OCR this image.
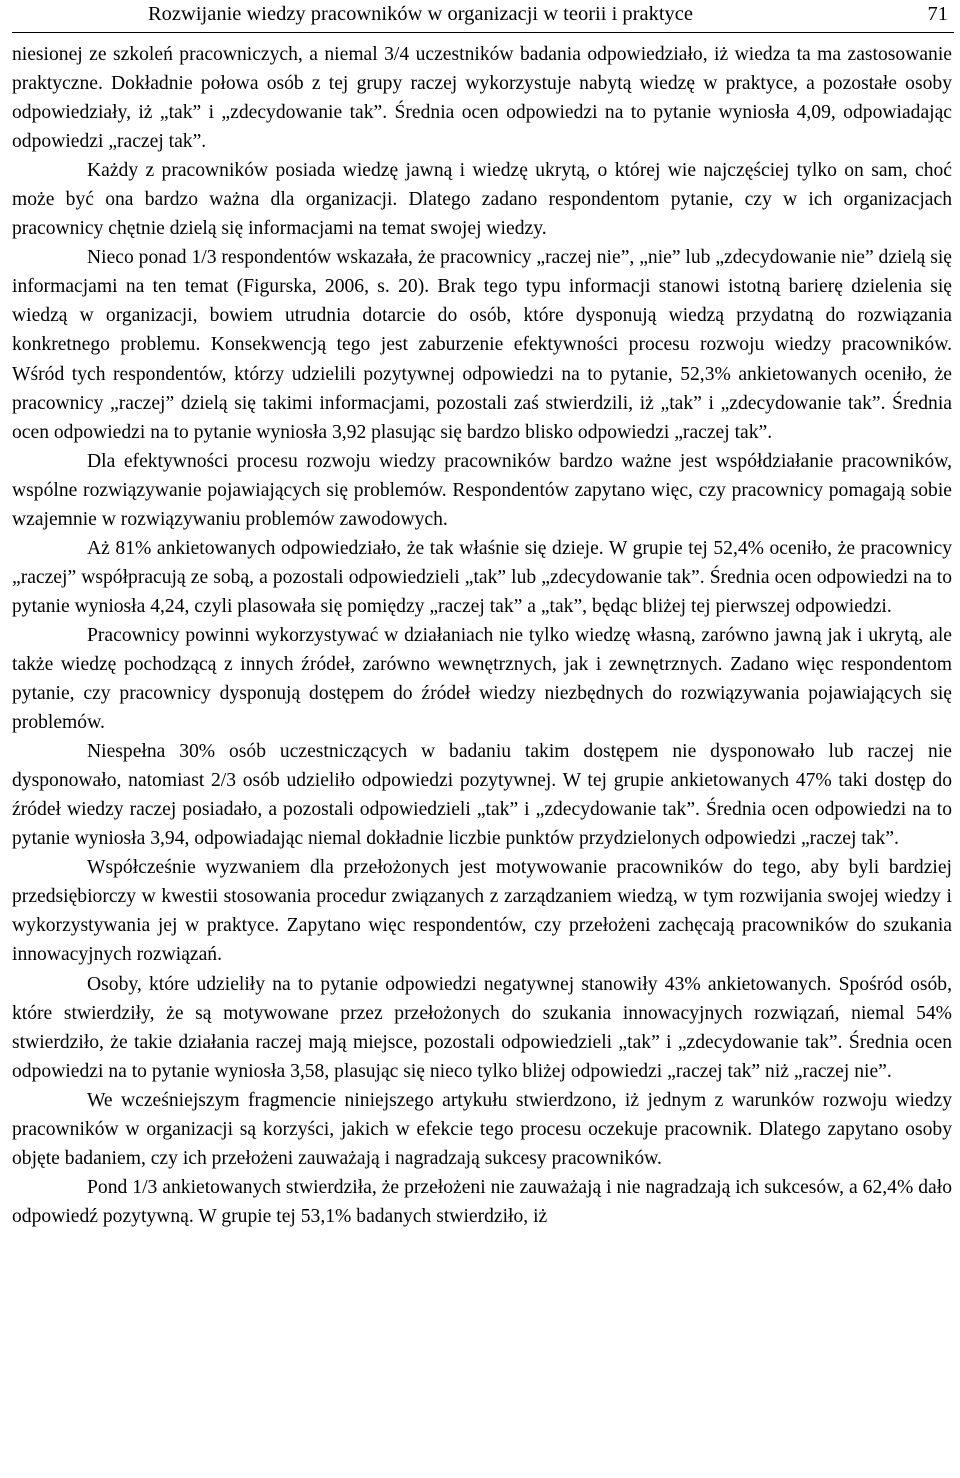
Rozwijanie wiedzy pracowników w organizacji w teorii i praktyce	71

niesionej ze szkoleń pracowniczych, a niemal 3/4 uczestników badania odpowiedziało, iż wiedza ta ma zastosowanie praktyczne. Dokładnie połowa osób z tej grupy raczej wykorzystuje nabytą wiedzę w praktyce, a pozostałe osoby odpowiedziały, iż „tak” i „zdecydowanie tak”. Średnia ocen odpowiedzi na to pytanie wyniosła 4,09, odpowiadając odpowiedzi „raczej tak”.

Każdy z pracowników posiada wiedzę jawną i wiedzę ukrytą, o której wie najczęściej tylko on sam, choć może być ona bardzo ważna dla organizacji. Dlatego zadano respondentom pytanie, czy w ich organizacjach pracownicy chętnie dzielą się informacjami na temat swojej wiedzy.

Nieco ponad 1/3 respondentów wskazała, że pracownicy „raczej nie”, „nie” lub „zdecydowanie nie” dzielą się informacjami na ten temat (Figurska, 2006, s. 20). Brak tego typu informacji stanowi istotną barierę dzielenia się wiedzą w organizacji, bowiem utrudnia dotarcie do osób, które dysponują wiedzą przydatną do rozwiązania konkretnego problemu. Konsekwencją tego jest zaburzenie efektywności procesu rozwoju wiedzy pracowników. Wśród tych respondentów, którzy udzielili pozytywnej odpowiedzi na to pytanie, 52,3% ankietowanych oceniło, że pracownicy „raczej” dzielą się takimi informacjami, pozostali zaś stwierdzili, iż „tak” i „zdecydowanie tak”. Średnia ocen odpowiedzi na to pytanie wyniosła 3,92 plasując się bardzo blisko odpowiedzi „raczej tak”.

Dla efektywności procesu rozwoju wiedzy pracowników bardzo ważne jest współdziałanie pracowników, wspólne rozwiązywanie pojawiających się problemów. Respondentów zapytano więc, czy pracownicy pomagają sobie wzajemnie w rozwiązywaniu problemów zawodowych.

Aż 81% ankietowanych odpowiedziało, że tak właśnie się dzieje. W grupie tej 52,4% oceniło, że pracownicy „raczej” współpracują ze sobą, a pozostali odpowiedzieli „tak” lub „zdecydowanie tak”. Średnia ocen odpowiedzi na to pytanie wyniosła 4,24, czyli plasowała się pomiędzy „raczej tak” a „tak”, będąc bliżej tej pierwszej odpowiedzi.

Pracownicy powinni wykorzystywać w działaniach nie tylko wiedzę własną, zarówno jawną jak i ukrytą, ale także wiedzę pochodzącą z innych źródeł, zarówno wewnętrznych, jak i zewnętrznych. Zadano więc respondentom pytanie, czy pracownicy dysponują dostępem do źródeł wiedzy niezbędnych do rozwiązywania pojawiających się problemów.

Niespełna 30% osób uczestniczących w badaniu takim dostępem nie dysponowało lub raczej nie dysponowało, natomiast 2/3 osób udzieliło odpowiedzi pozytywnej. W tej grupie ankietowanych 47% taki dostęp do źródeł wiedzy raczej posiadało, a pozostali odpowiedzieli „tak” i „zdecydowanie tak”. Średnia ocen odpowiedzi na to pytanie wyniosła 3,94, odpowiadając niemal dokładnie liczbie punktów przydzielonych odpowiedzi „raczej tak”.

Współcześnie wyzwaniem dla przełożonych jest motywowanie pracowników do tego, aby byli bardziej przedsiębiorczy w kwestii stosowania procedur związanych z zarządzaniem wiedzą, w tym rozwijania swojej wiedzy i wykorzystywania jej w praktyce. Zapytano więc respondentów, czy przełożeni zachęcają pracowników do szukania innowacyjnych rozwiązań.

Osoby, które udzieliły na to pytanie odpowiedzi negatywnej stanowiły 43% ankietowanych. Spośród osób, które stwierdziły, że są motywowane przez przełożonych do szukania innowacyjnych rozwiązań, niemal 54% stwierdziło, że takie działania raczej mają miejsce, pozostali odpowiedzieli „tak” i „zdecydowanie tak”. Średnia ocen odpowiedzi na to pytanie wyniosła 3,58, plasując się nieco tylko bliżej odpowiedzi „raczej tak” niż „raczej nie”.

We wcześniejszym fragmencie niniejszego artykułu stwierdzono, iż jednym z warunków rozwoju wiedzy pracowników w organizacji są korzyści, jakich w efekcie tego procesu oczekuje pracownik. Dlatego zapytano osoby objęte badaniem, czy ich przełożeni zauważają i nagradzają sukcesy pracowników.

Pond 1/3 ankietowanych stwierdziła, że przełożeni nie zauważają i nie nagradzają ich sukcesów, a 62,4% dało odpowiedź pozytywną. W grupie tej 53,1% badanych stwierdziło, iż
